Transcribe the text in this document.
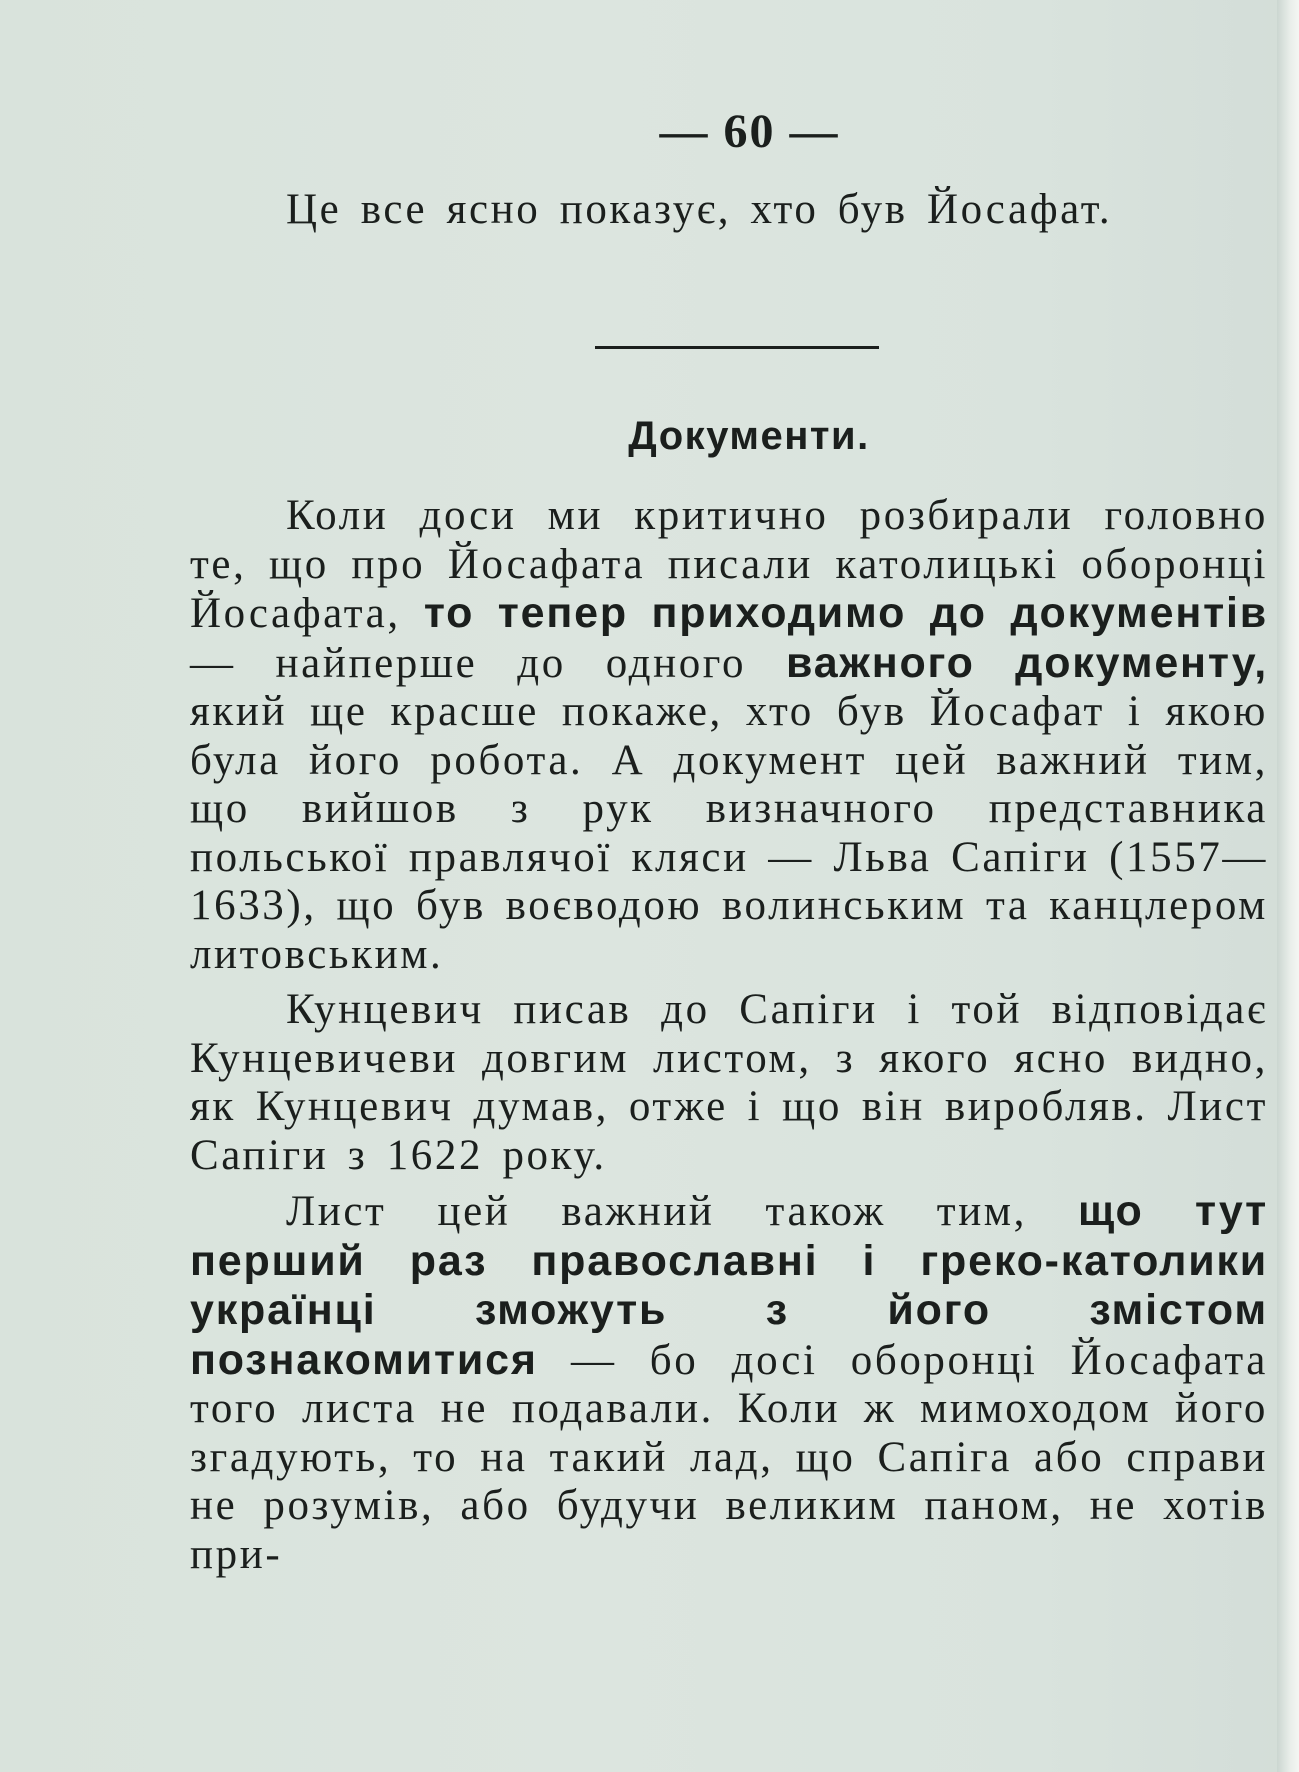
— 60 —

Це все ясно показує, хто був Йосафат.

Документи.

Коли доси ми критично розбирали головно те, що про Йосафата писали католицькі оборонці Йосафата, то тепер приходимо до документів — найперше до одного важного документу, який ще красше покаже, хто був Йосафат і якою була його робота. А документ цей важний тим, що вийшов з рук визначного представника польської правлячої кляси — Льва Сапіги (1557—1633), що був воєводою волинським та канцлером литовським.

Кунцевич писав до Сапіги і той відповідає Кунцевичеви довгим листом, з якого ясно видно, як Кунцевич думав, отже і що він виробляв. Лист Сапіги з 1622 року.

Лист цей важний також тим, що тут перший раз православні і греко-католики українці зможуть з його змістом познакомитися — бо досі оборонці Йосафата того листа не подавали. Коли ж мимоходом його згадують, то на такий лад, що Сапіга або справи не розумів, або будучи великим паном, не хотів при-
